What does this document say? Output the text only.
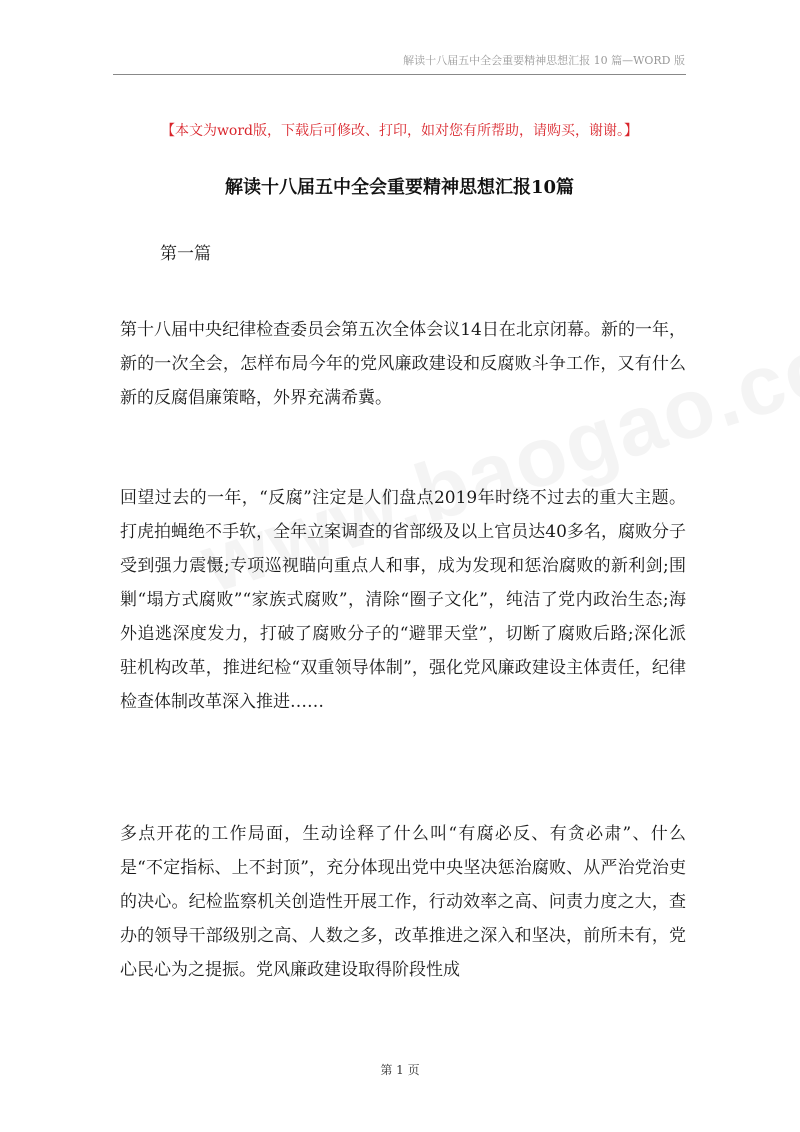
解读十八届五中全会重要精神思想汇报 10 篇—WORD 版
【本文为word版，下载后可修改、打印，如对您有所帮助，请购买，谢谢。】
解读十八届五中全会重要精神思想汇报10篇
第一篇

第十八届中央纪律检查委员会第五次全体会议14日在北京闭幕。新的一年，新的一次全会，怎样布局今年的党风廉政建设和反腐败斗争工作，又有什么新的反腐倡廉策略，外界充满希冀。

回望过去的一年，“反腐”注定是人们盘点2019年时绕不过去的重大主题。打虎拍蝇绝不手软，全年立案调查的省部级及以上官员达40多名，腐败分子受到强力震慑;专项巡视瞄向重点人和事，成为发现和惩治腐败的新利剑;围剿“塌方式腐败”“家族式腐败”，清除“圈子文化”，纯洁了党内政治生态;海外追逃深度发力，打破了腐败分子的“避罪天堂”，切断了腐败后路;深化派驻机构改革，推进纪检“双重领导体制”，强化党风廉政建设主体责任，纪律检查体制改革深入推进……

多点开花的工作局面，生动诠释了什么叫“有腐必反、有贪必肃”、什么是“不定指标、上不封顶”，充分体现出党中央坚决惩治腐败、从严治党治吏的决心。纪检监察机关创造性开展工作，行动效率之高、问责力度之大，查办的领导干部级别之高、人数之多，改革推进之深入和坚决，前所未有，党心民心为之提振。党风廉政建设取得阶段性成

第 1 页
